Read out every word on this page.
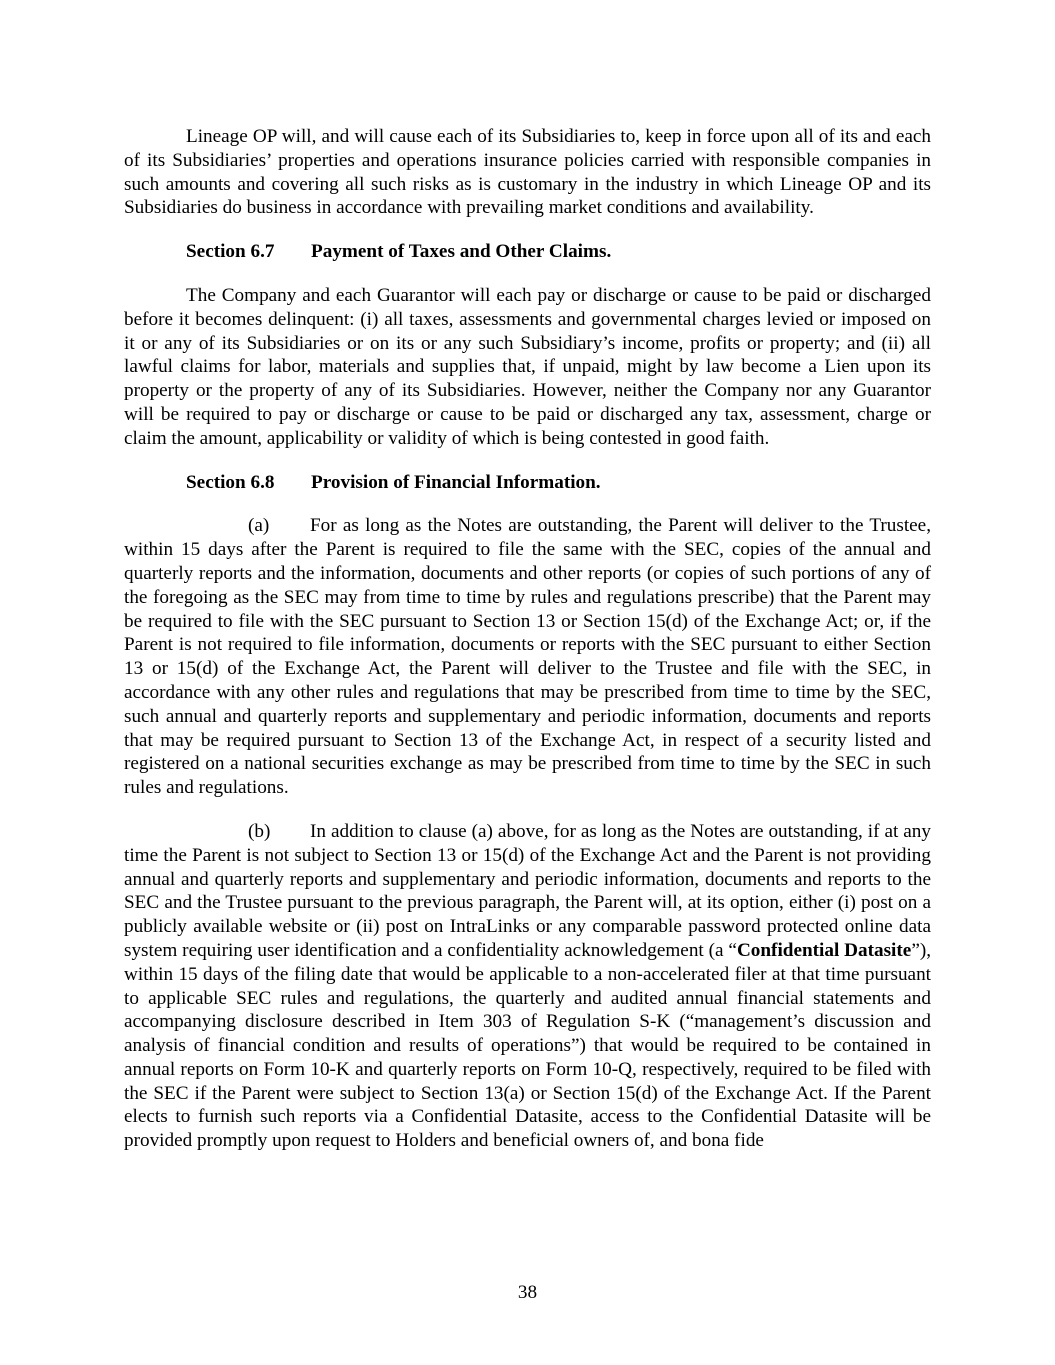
Lineage OP will, and will cause each of its Subsidiaries to, keep in force upon all of its and each of its Subsidiaries’ properties and operations insurance policies carried with responsible companies in such amounts and covering all such risks as is customary in the industry in which Lineage OP and its Subsidiaries do business in accordance with prevailing market conditions and availability.

Section 6.7 Payment of Taxes and Other Claims.

The Company and each Guarantor will each pay or discharge or cause to be paid or discharged before it becomes delinquent: (i) all taxes, assessments and governmental charges levied or imposed on it or any of its Subsidiaries or on its or any such Subsidiary’s income, profits or property; and (ii) all lawful claims for labor, materials and supplies that, if unpaid, might by law become a Lien upon its property or the property of any of its Subsidiaries. However, neither the Company nor any Guarantor will be required to pay or discharge or cause to be paid or discharged any tax, assessment, charge or claim the amount, applicability or validity of which is being contested in good faith.

Section 6.8 Provision of Financial Information.

(a) For as long as the Notes are outstanding, the Parent will deliver to the Trustee, within 15 days after the Parent is required to file the same with the SEC, copies of the annual and quarterly reports and the information, documents and other reports (or copies of such portions of any of the foregoing as the SEC may from time to time by rules and regulations prescribe) that the Parent may be required to file with the SEC pursuant to Section 13 or Section 15(d) of the Exchange Act; or, if the Parent is not required to file information, documents or reports with the SEC pursuant to either Section 13 or 15(d) of the Exchange Act, the Parent will deliver to the Trustee and file with the SEC, in accordance with any other rules and regulations that may be prescribed from time to time by the SEC, such annual and quarterly reports and supplementary and periodic information, documents and reports that may be required pursuant to Section 13 of the Exchange Act, in respect of a security listed and registered on a national securities exchange as may be prescribed from time to time by the SEC in such rules and regulations.

(b) In addition to clause (a) above, for as long as the Notes are outstanding, if at any time the Parent is not subject to Section 13 or 15(d) of the Exchange Act and the Parent is not providing annual and quarterly reports and supplementary and periodic information, documents and reports to the SEC and the Trustee pursuant to the previous paragraph, the Parent will, at its option, either (i) post on a publicly available website or (ii) post on IntraLinks or any comparable password protected online data system requiring user identification and a confidentiality acknowledgement (a “Confidential Datasite”), within 15 days of the filing date that would be applicable to a non-accelerated filer at that time pursuant to applicable SEC rules and regulations, the quarterly and audited annual financial statements and accompanying disclosure described in Item 303 of Regulation S-K (“management’s discussion and analysis of financial condition and results of operations”) that would be required to be contained in annual reports on Form 10-K and quarterly reports on Form 10-Q, respectively, required to be filed with the SEC if the Parent were subject to Section 13(a) or Section 15(d) of the Exchange Act. If the Parent elects to furnish such reports via a Confidential Datasite, access to the Confidential Datasite will be provided promptly upon request to Holders and beneficial owners of, and bona fide

38
